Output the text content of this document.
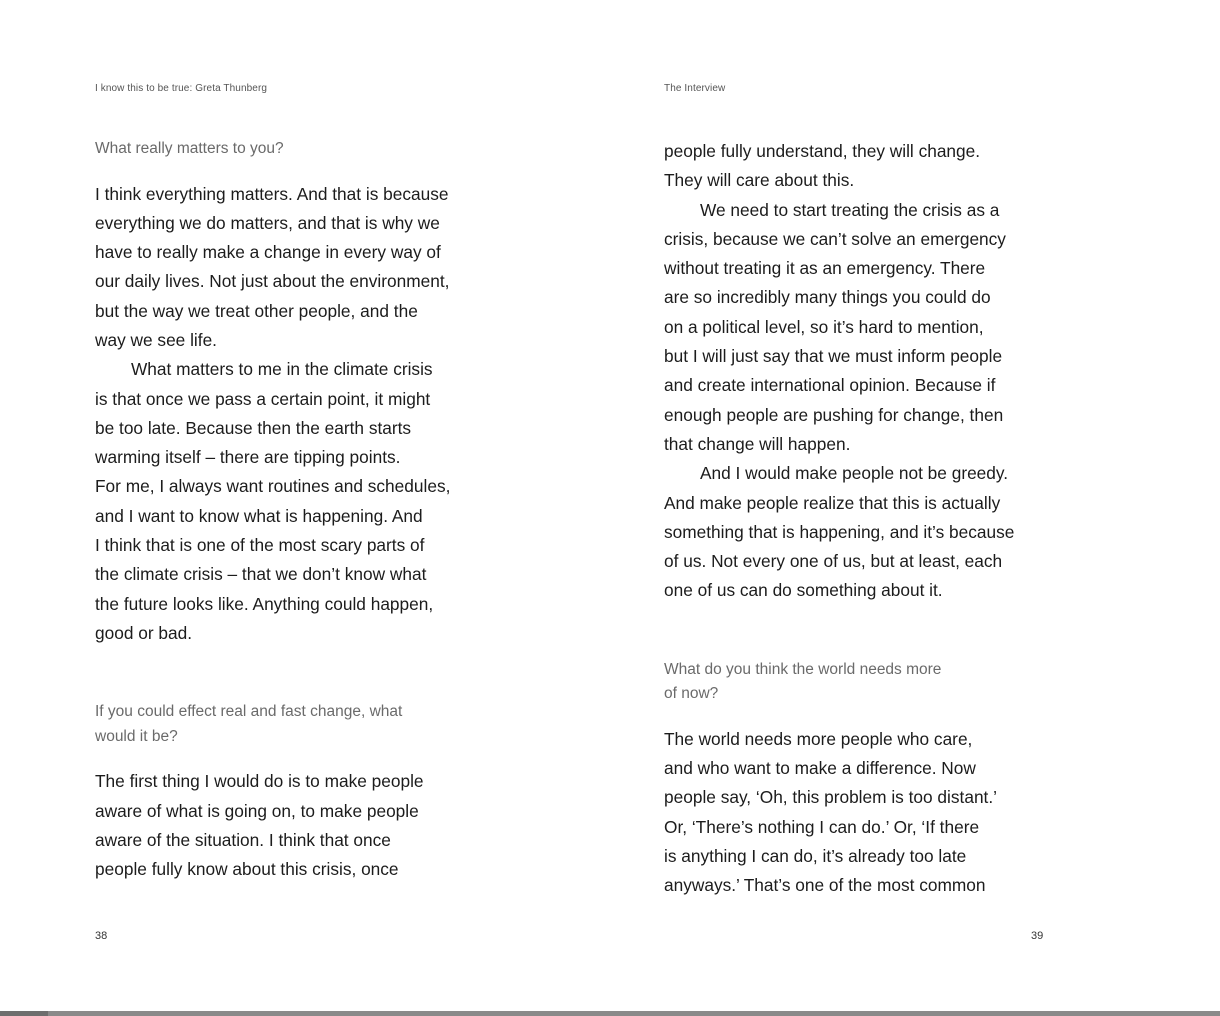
I know this to be true: Greta Thunberg

What really matters to you?

I think everything matters. And that is because
everything we do matters, and that is why we
have to really make a change in every way of
our daily lives. Not just about the environment,
but the way we treat other people, and the
way we see life.

What matters to me in the climate crisis
is that once we pass a certain point, it might
be too late. Because then the earth starts
warming itself – there are tipping points.
For me, I always want routines and schedules,
and I want to know what is happening. And
I think that is one of the most scary parts of
the climate crisis – that we don’t know what
the future looks like. Anything could happen,
good or bad.

If you could effect real and fast change, what
would it be?

The first thing I would do is to make people
aware of what is going on, to make people
aware of the situation. I think that once
people fully know about this crisis, once

38
The Interview

people fully understand, they will change.
They will care about this.

We need to start treating the crisis as a
crisis, because we can’t solve an emergency
without treating it as an emergency. There
are so incredibly many things you could do
on a political level, so it’s hard to mention,
but I will just say that we must inform people
and create international opinion. Because if
enough people are pushing for change, then
that change will happen.

And I would make people not be greedy.
And make people realize that this is actually
something that is happening, and it’s because
of us. Not every one of us, but at least, each
one of us can do something about it.

What do you think the world needs more
of now?

The world needs more people who care,
and who want to make a difference. Now
people say, ‘Oh, this problem is too distant.’
Or, ‘There’s nothing I can do.’ Or, ‘If there
is anything I can do, it’s already too late
anyways.’ That’s one of the most common

39
